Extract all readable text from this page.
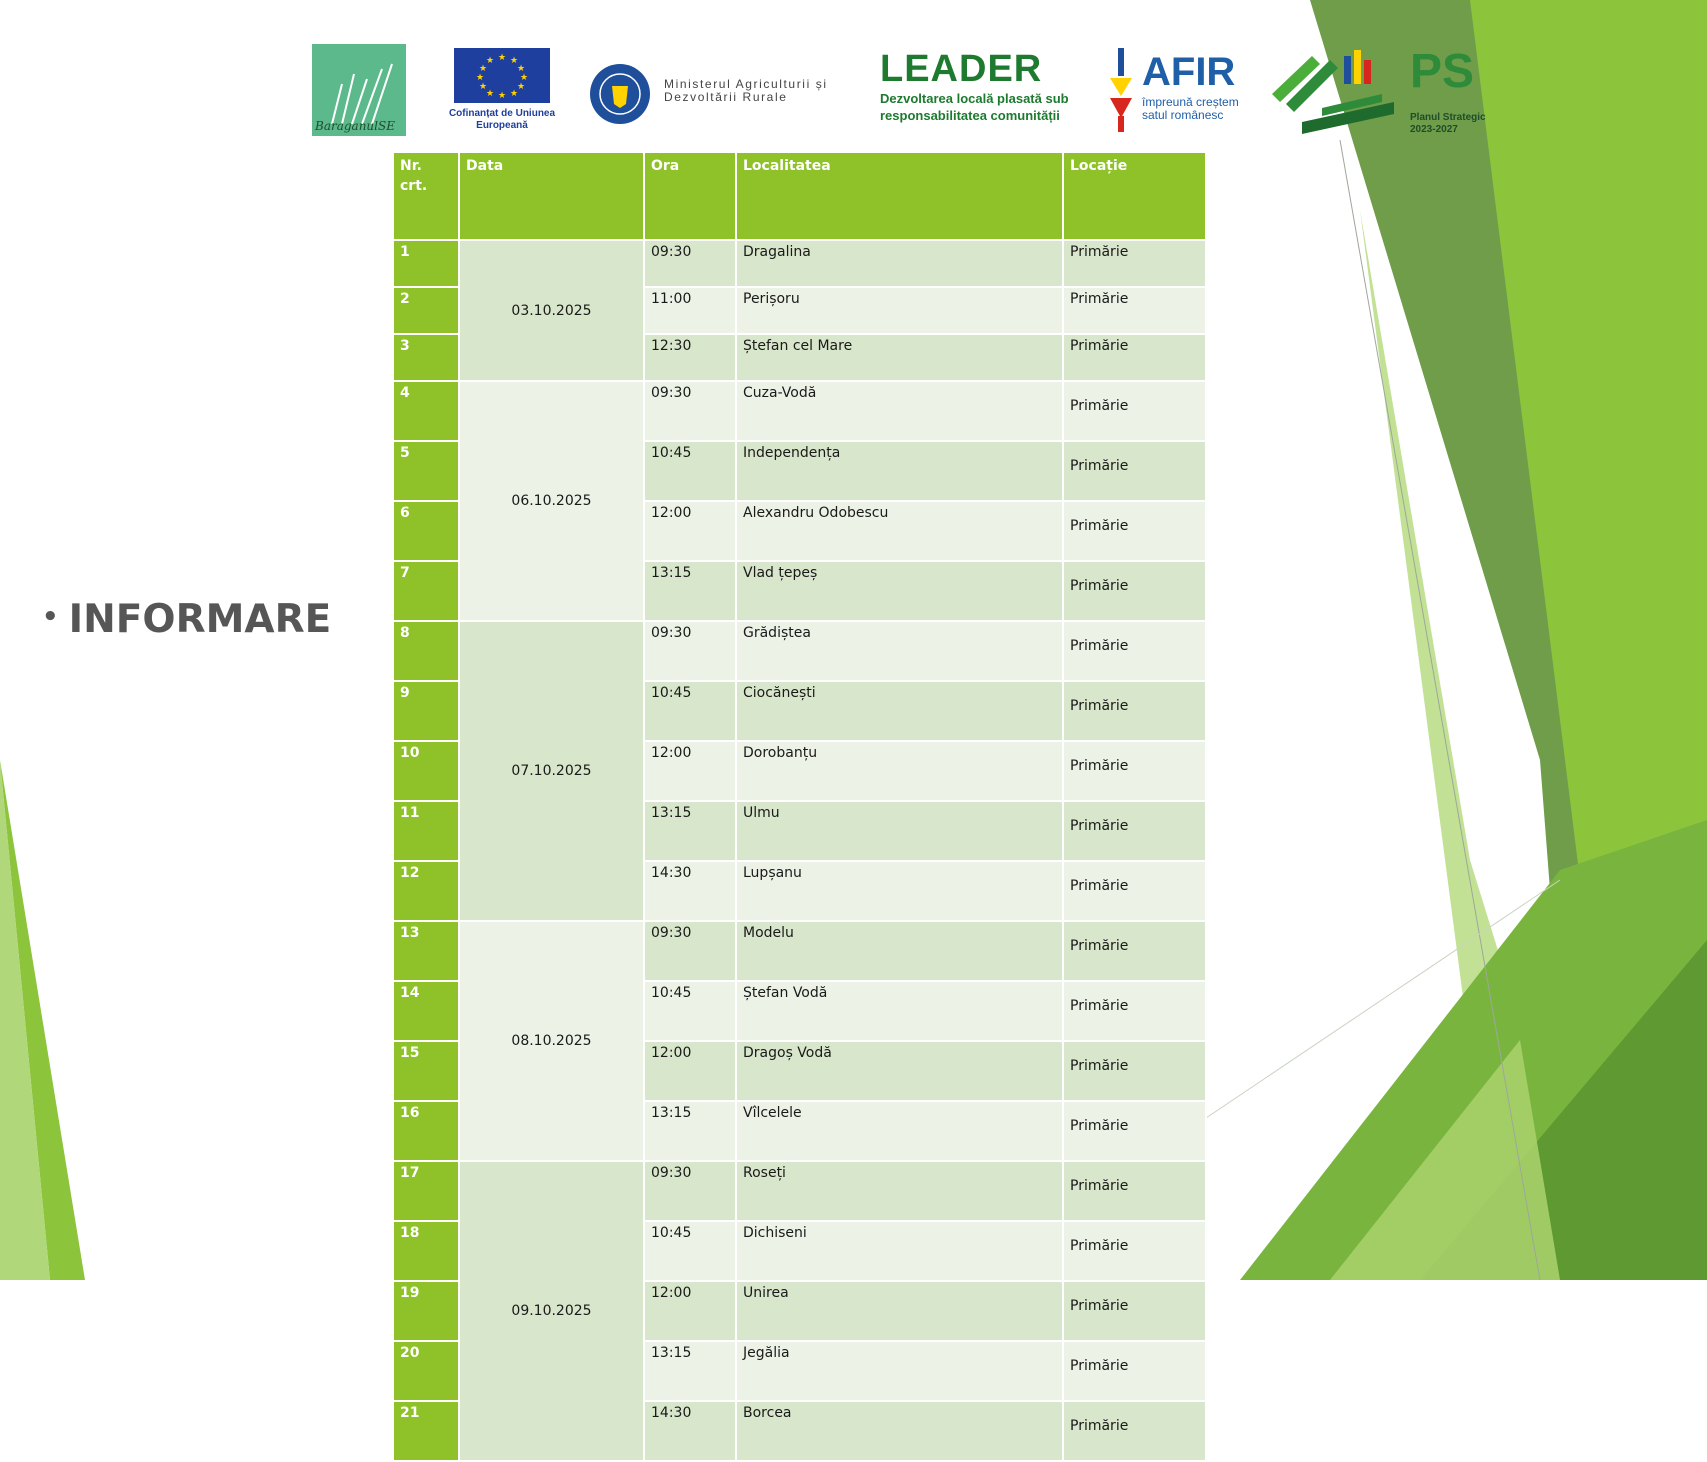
BaraganulSE
★ ★
★
★
★
★
★
★
★
★
★
★
Cofinanțat de Uniunea Europeană
Ministerul Agriculturii și Dezvoltării Rurale
LEADER
Dezvoltarea locală plasată sub responsabilitatea comunității
AFIR
împreună creștem satul românesc
PS
Planul Strategic 2023-2027
• INFORMARE
Nr. crt.	Data	Ora	Localitatea	Locație
1	03.10.2025	09:30	Dragalina	Primărie
2		11:00	Perișoru	Primărie
3		12:30	Ștefan cel Mare	Primărie
4	06.10.2025	09:30	Cuza-Vodă	Primărie
5		10:45	Independența	Primărie
6		12:00	Alexandru Odobescu	Primărie
7		13:15	Vlad țepeș	Primărie
8	07.10.2025	09:30	Grădiștea	Primărie
9		10:45	Ciocănești	Primărie
10		12:00	Dorobanțu	Primărie
11		13:15	Ulmu	Primărie
12		14:30	Lupșanu	Primărie
13	08.10.2025	09:30	Modelu	Primărie
14		10:45	Ștefan Vodă	Primărie
15		12:00	Dragoș Vodă	Primărie
16		13:15	Vîlcelele	Primărie
17	09.10.2025	09:30	Roseți	Primărie
18		10:45	Dichiseni	Primărie
19		12:00	Unirea	Primărie
20		13:15	Jegălia	Primărie
21		14:30	Borcea	Primărie
